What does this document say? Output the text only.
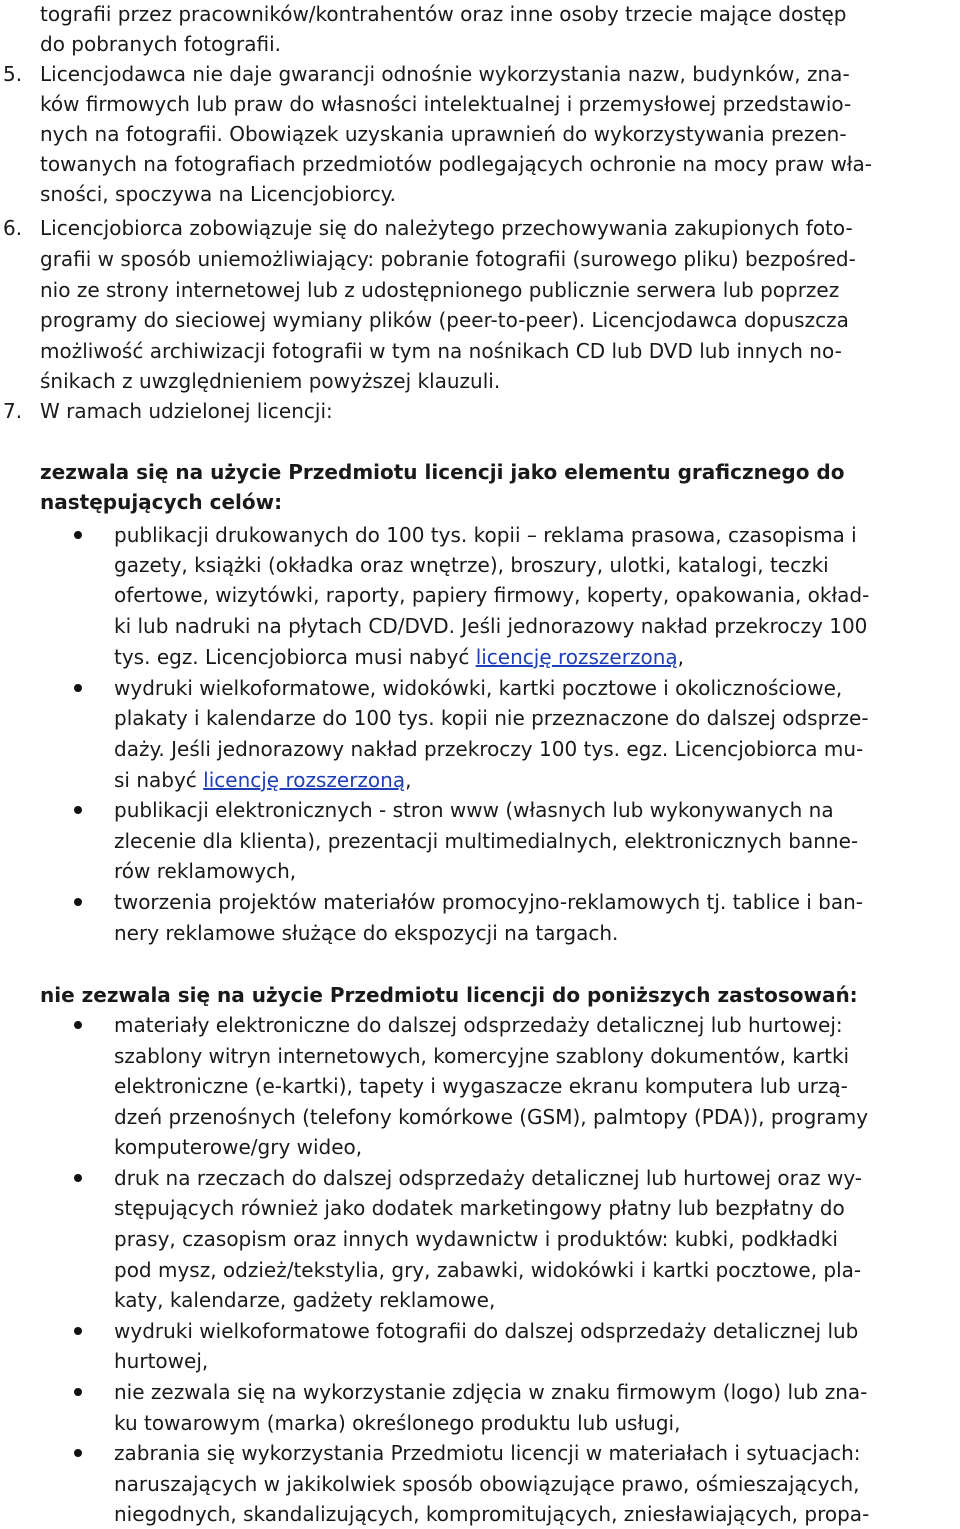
tografii przez pracowników/kontrahentów oraz inne osoby trzecie mające dostęp
do pobranych fotografii.
5. Licencjodawca nie daje gwarancji odnośnie wykorzystania nazw, budynków, zna-
ków firmowych lub praw do własności intelektualnej i przemysłowej przedstawio-
nych na fotografii. Obowiązek uzyskania uprawnień do wykorzystywania prezen-
towanych na fotografiach przedmiotów podlegających ochronie na mocy praw wła-
sności, spoczywa na Licencjobiorcy.
6. Licencjobiorca zobowiązuje się do należytego przechowywania zakupionych foto-
grafii w sposób uniemożliwiający: pobranie fotografii (surowego pliku) bezpośred-
nio ze strony internetowej lub z udostępnionego publicznie serwera lub poprzez
programy do sieciowej wymiany plików (peer-to-peer). Licencjodawca dopuszcza
możliwość archiwizacji fotografii w tym na nośnikach CD lub DVD lub innych no-
śnikach z uwzględnieniem powyższej klauzuli.
7. W ramach udzielonej licencji:
zezwala się na użycie Przedmiotu licencji jako elementu graficznego do
następujących celów:
publikacji drukowanych do 100 tys. kopii – reklama prasowa, czasopisma i
gazety, książki (okładka oraz wnętrze), broszury, ulotki, katalogi, teczki
ofertowe, wizytówki, raporty, papiery firmowy, koperty, opakowania, okład-
ki lub nadruki na płytach CD/DVD. Jeśli jednorazowy nakład przekroczy 100
tys. egz. Licencjobiorca musi nabyć licencję rozszerzoną,
wydruki wielkoformatowe, widokówki, kartki pocztowe i okolicznościowe,
plakaty i kalendarze do 100 tys. kopii nie przeznaczone do dalszej odsprze-
daży. Jeśli jednorazowy nakład przekroczy 100 tys. egz. Licencjobiorca mu-
si nabyć licencję rozszerzoną,
publikacji elektronicznych - stron www (własnych lub wykonywanych na
zlecenie dla klienta), prezentacji multimedialnych, elektronicznych banne-
rów reklamowych,
tworzenia projektów materiałów promocyjno-reklamowych tj. tablice i ban-
nery reklamowe służące do ekspozycji na targach.
nie zezwala się na użycie Przedmiotu licencji do poniższych zastosowań:
materiały elektroniczne do dalszej odsprzedaży detalicznej lub hurtowej:
szablony witryn internetowych, komercyjne szablony dokumentów, kartki
elektroniczne (e-kartki), tapety i wygaszacze ekranu komputera lub urzą-
dzeń przenośnych (telefony komórkowe (GSM), palmtopy (PDA)), programy
komputerowe/gry wideo,
druk na rzeczach do dalszej odsprzedaży detalicznej lub hurtowej oraz wy-
stępujących również jako dodatek marketingowy płatny lub bezpłatny do
prasy, czasopism oraz innych wydawnictw i produktów: kubki, podkładki
pod mysz, odzież/tekstylia, gry, zabawki, widokówki i kartki pocztowe, pla-
katy, kalendarze, gadżety reklamowe,
wydruki wielkoformatowe fotografii do dalszej odsprzedaży detalicznej lub
hurtowej,
nie zezwala się na wykorzystanie zdjęcia w znaku firmowym (logo) lub zna-
ku towarowym (marka) określonego produktu lub usługi,
zabrania się wykorzystania Przedmiotu licencji w materiałach i sytuacjach:
naruszających w jakikolwiek sposób obowiązujące prawo, ośmieszających,
niegodnych, skandalizujących, kompromitujących, zniesławiających, propa-
